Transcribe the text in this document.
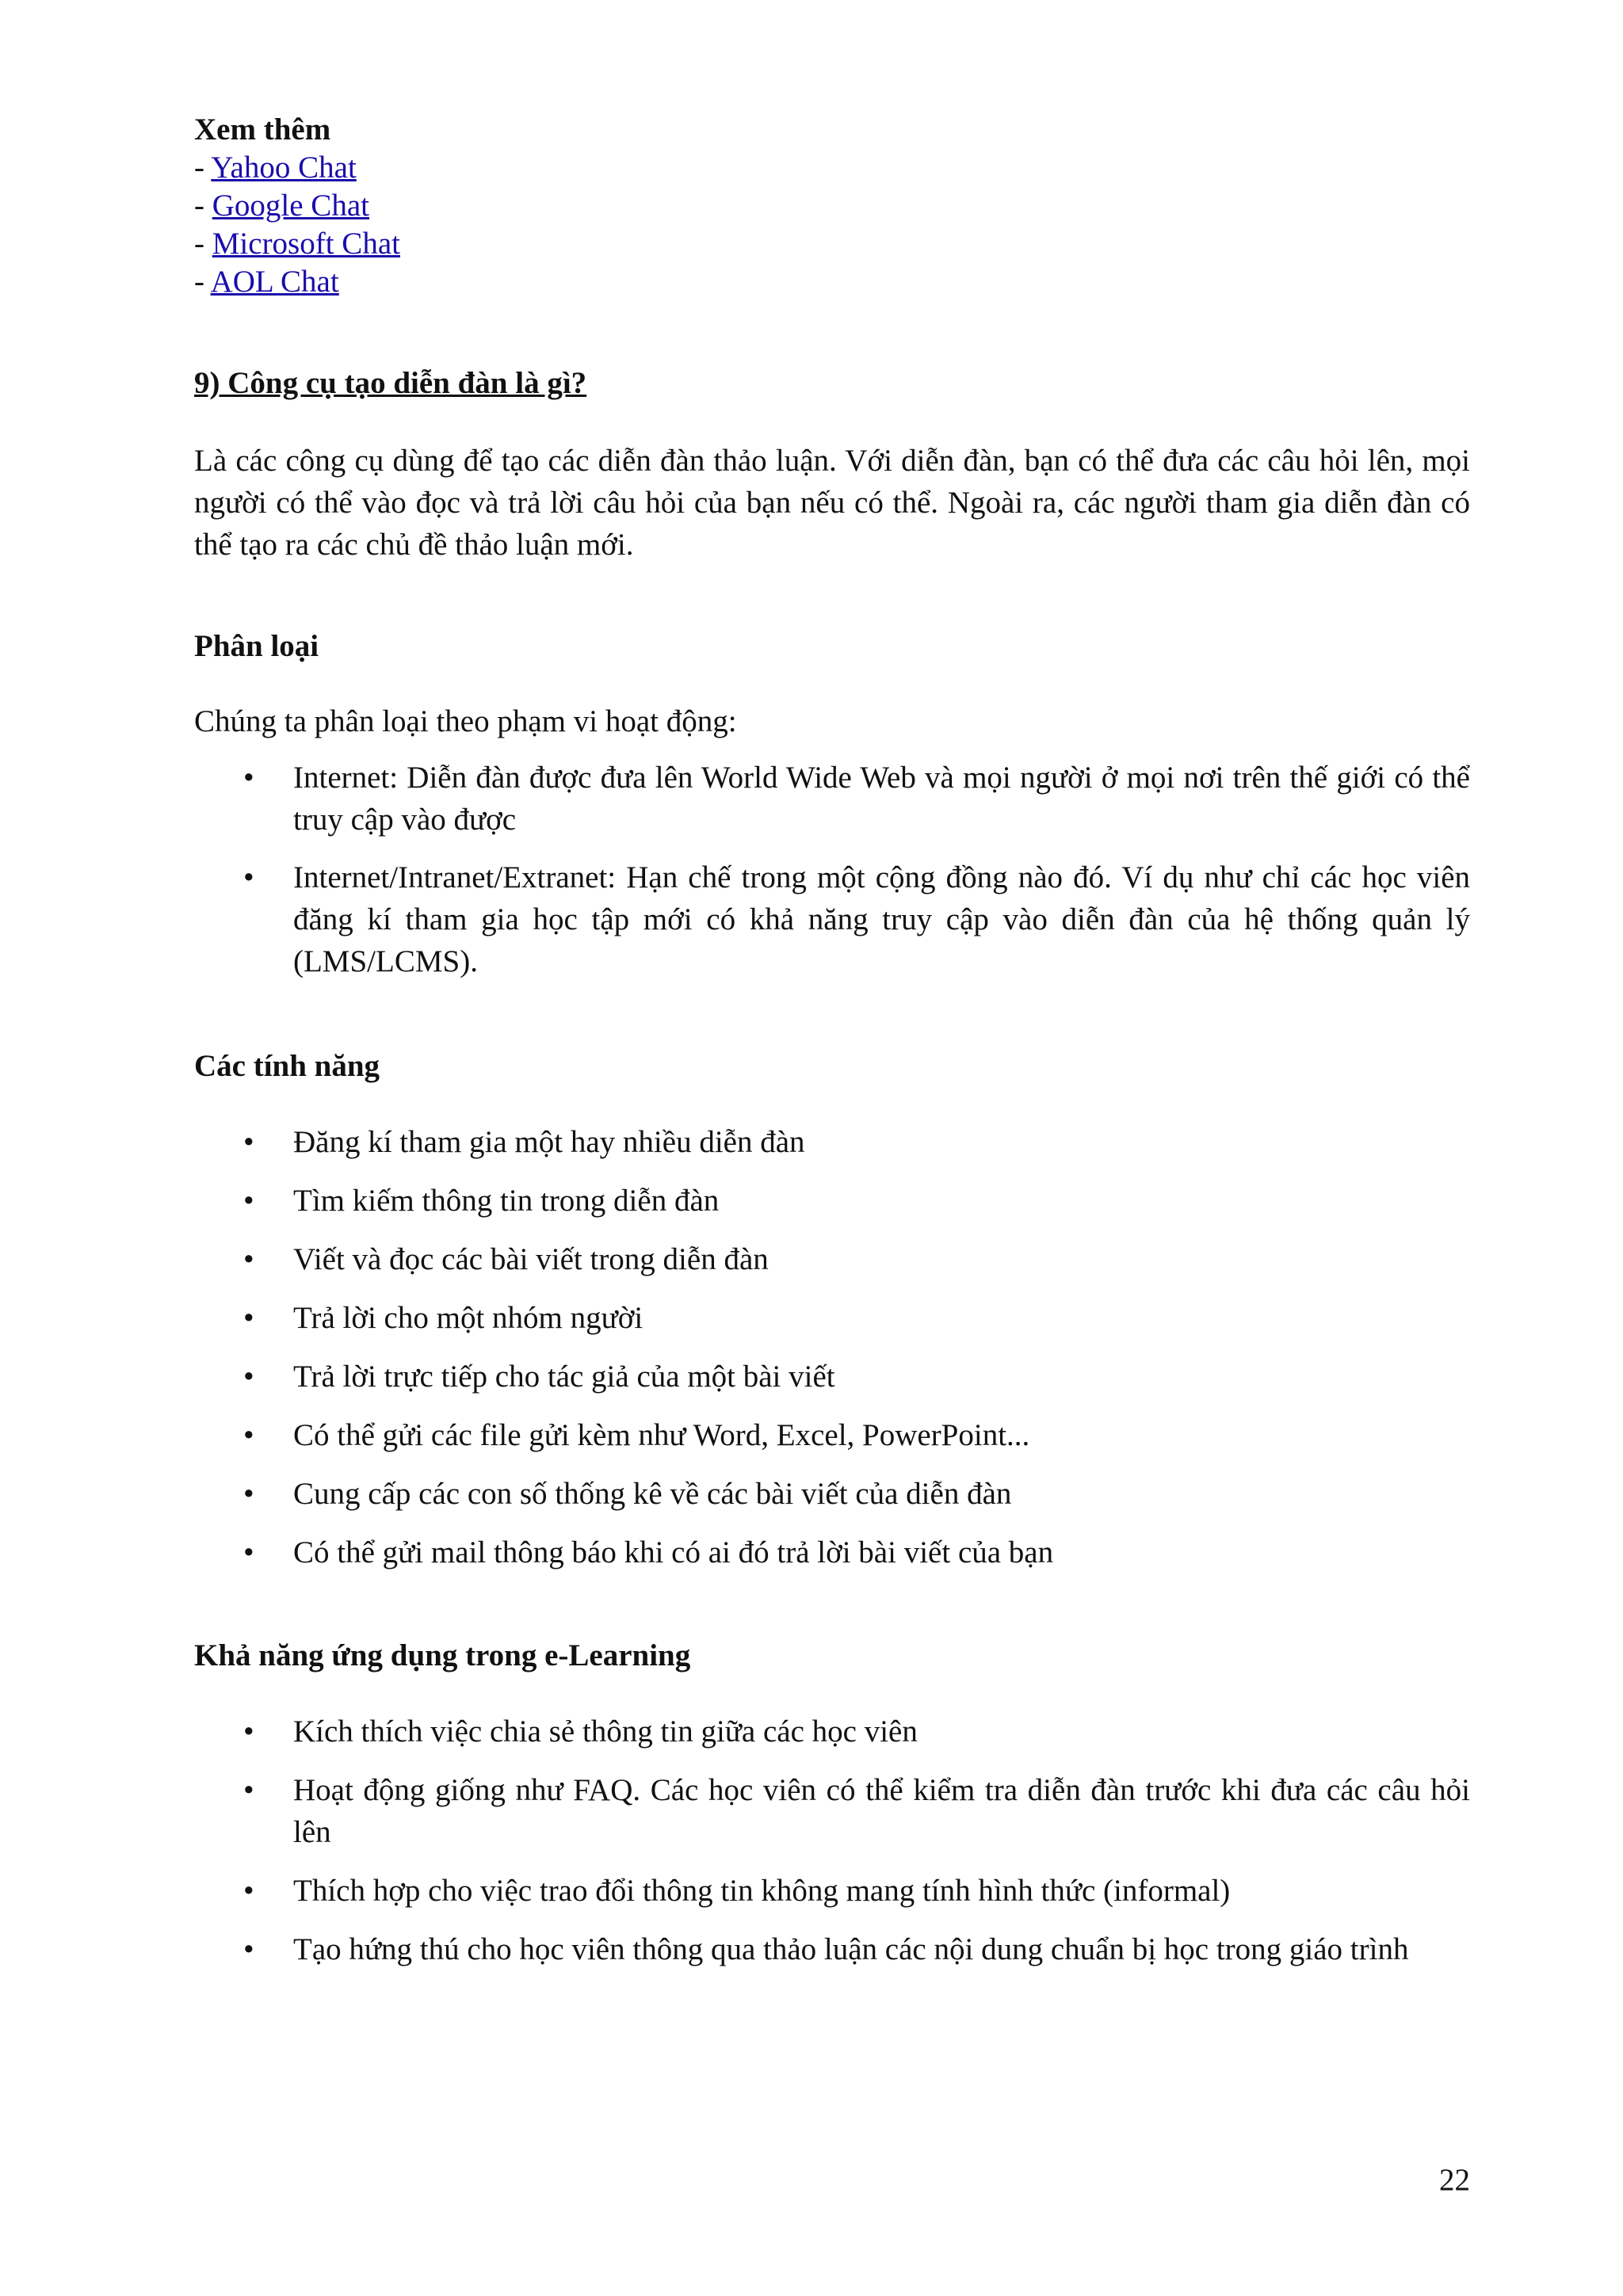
Xem thêm

- Yahoo Chat

- Google Chat

- Microsoft Chat

- AOL Chat

9) Công cụ tạo diễn đàn là gì?

Là các công cụ dùng để tạo các diễn đàn thảo luận. Với diễn đàn, bạn có thể đưa các câu hỏi lên, mọi người có thể vào đọc và trả lời câu hỏi của bạn nếu có thể. Ngoài ra, các người tham gia diễn đàn có thể tạo ra các chủ đề thảo luận mới.

Phân loại

Chúng ta phân loại theo phạm vi hoạt động:

• Internet: Diễn đàn được đưa lên World Wide Web và mọi người ở mọi nơi trên thế giới có thể truy cập vào được
• Internet/Intranet/Extranet: Hạn chế trong một cộng đồng nào đó. Ví dụ như chỉ các học viên đăng kí tham gia học tập mới có khả năng truy cập vào diễn đàn của hệ thống quản lý (LMS/LCMS).

Các tính năng

• Đăng kí tham gia một hay nhiều diễn đàn
• Tìm kiếm thông tin trong diễn đàn
• Viết và đọc các bài viết trong diễn đàn
• Trả lời cho một nhóm người
• Trả lời trực tiếp cho tác giả của một bài viết
• Có thể gửi các file gửi kèm như Word, Excel, PowerPoint...
• Cung cấp các con số thống kê về các bài viết của diễn đàn
• Có thể gửi mail thông báo khi có ai đó trả lời bài viết của bạn

Khả năng ứng dụng trong e-Learning

• Kích thích việc chia sẻ thông tin giữa các học viên
• Hoạt động giống như FAQ. Các học viên có thể kiểm tra diễn đàn trước khi đưa các câu hỏi lên
• Thích hợp cho việc trao đổi thông tin không mang tính hình thức (informal)
• Tạo hứng thú cho học viên thông qua thảo luận các nội dung chuẩn bị học trong giáo trình
22
